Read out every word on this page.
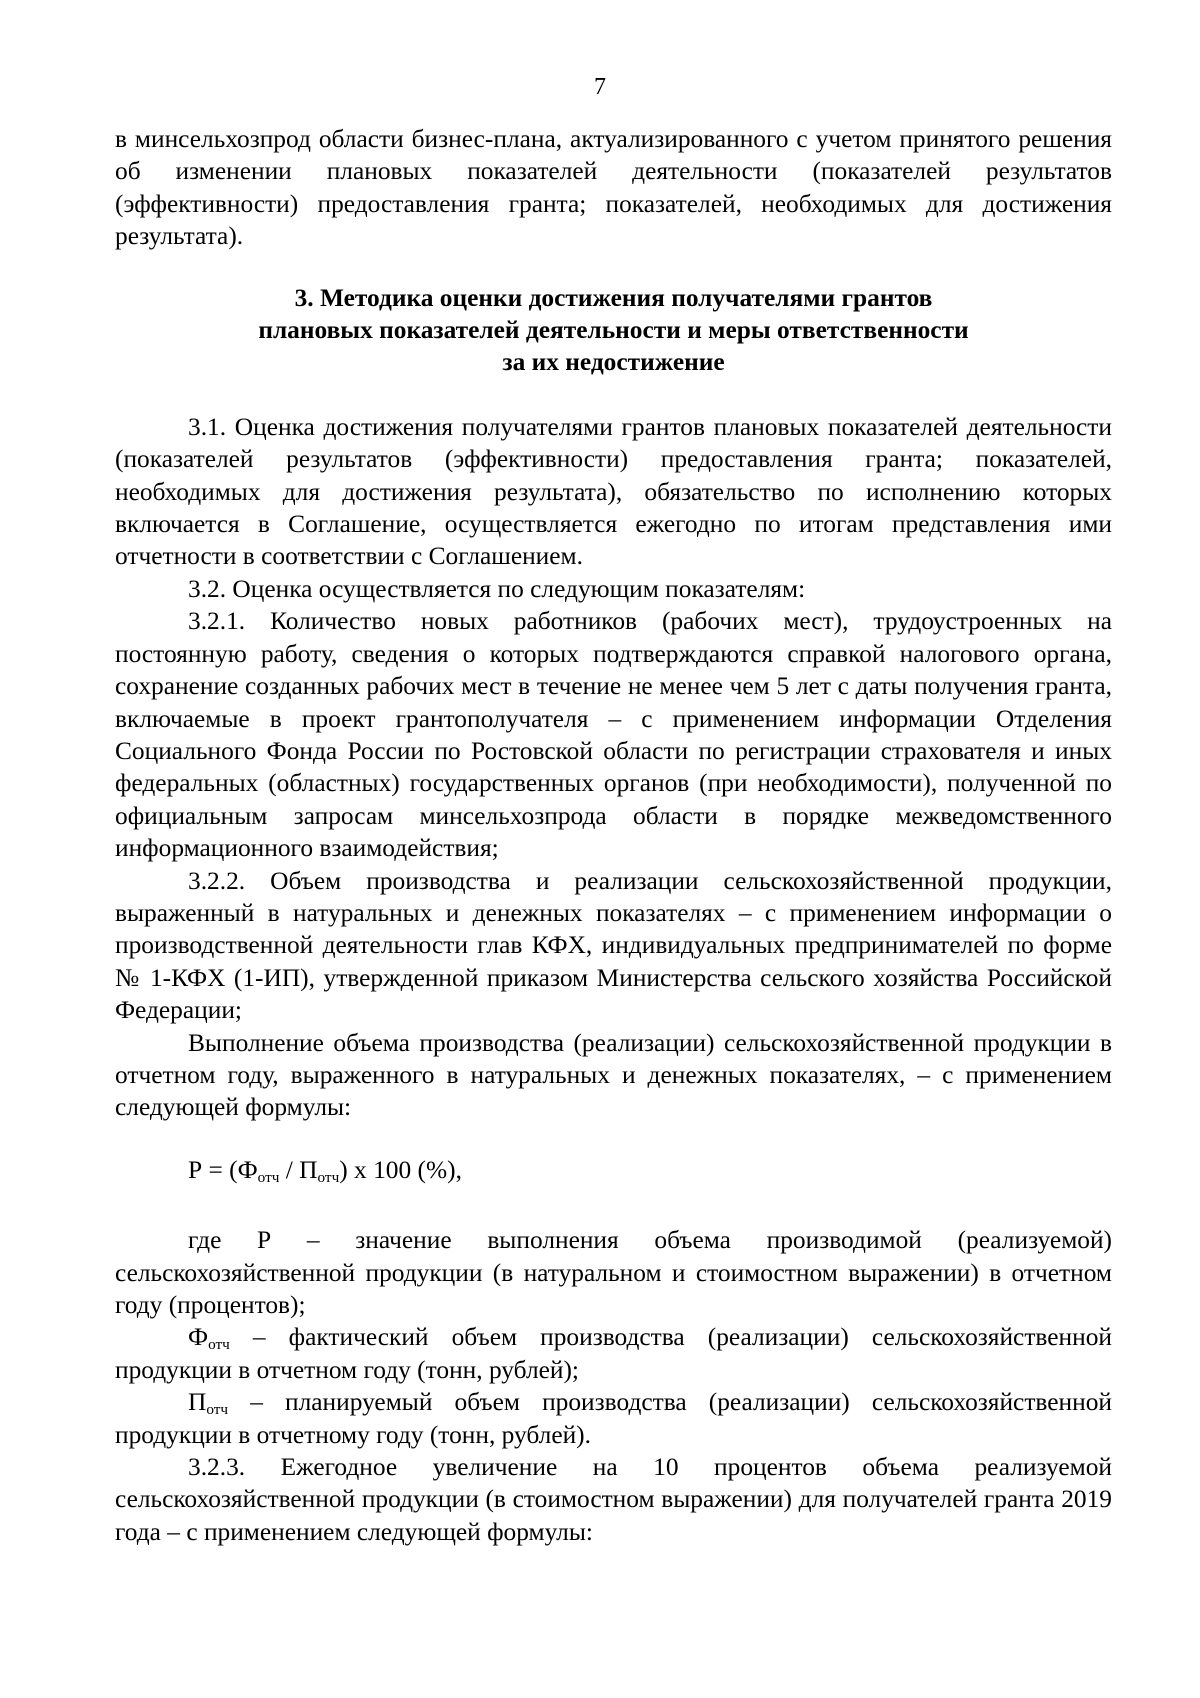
7

в минсельхозпрод области бизнес-плана, актуализированного с учетом принятого решения об изменении плановых показателей деятельности (показателей результатов (эффективности) предоставления гранта; показателей, необходимых для достижения результата).

3. Методика оценки достижения получателями грантов
плановых показателей деятельности и меры ответственности
за их недостижение

3.1. Оценка достижения получателями грантов плановых показателей деятельности (показателей результатов (эффективности) предоставления гранта; показателей, необходимых для достижения результата), обязательство по исполнению которых включается в Соглашение, осуществляется ежегодно по итогам представления ими отчетности в соответствии с Соглашением.

3.2. Оценка осуществляется по следующим показателям:

3.2.1. Количество новых работников (рабочих мест), трудоустроенных на постоянную работу, сведения о которых подтверждаются справкой налогового органа, сохранение созданных рабочих мест в течение не менее чем 5 лет с даты получения гранта, включаемые в проект грантополучателя – с применением информации Отделения Социального Фонда России по Ростовской области по регистрации страхователя и иных федеральных (областных) государственных органов (при необходимости), полученной по официальным запросам минсельхозпрода области в порядке межведомственного информационного взаимодействия;

3.2.2. Объем производства и реализации сельскохозяйственной продукции, выраженный в натуральных и денежных показателях – с применением информации о производственной деятельности глав КФХ, индивидуальных предпринимателей по форме № 1-КФХ (1-ИП), утвержденной приказом Министерства сельского хозяйства Российской Федерации;

Выполнение объема производства (реализации) сельскохозяйственной продукции в отчетном году, выраженного в натуральных и денежных показателях, – с применением следующей формулы:

$Р = (Ф_{отч} / П_{отч})$ х 100 (%),

где Р – значение выполнения объема производимой (реализуемой) сельскохозяйственной продукции (в натуральном и стоимостном выражении) в отчетном году (процентов);

$Ф_{отч}$ – фактический объем производства (реализации) сельскохозяйственной продукции в отчетном году (тонн, рублей);

$П_{отч}$ – планируемый объем производства (реализации) сельскохозяйственной продукции в отчетному году (тонн, рублей).

3.2.3. Ежегодное увеличение на 10 процентов объема реализуемой сельскохозяйственной продукции (в стоимостном выражении) для получателей гранта 2019 года – с применением следующей формулы:
